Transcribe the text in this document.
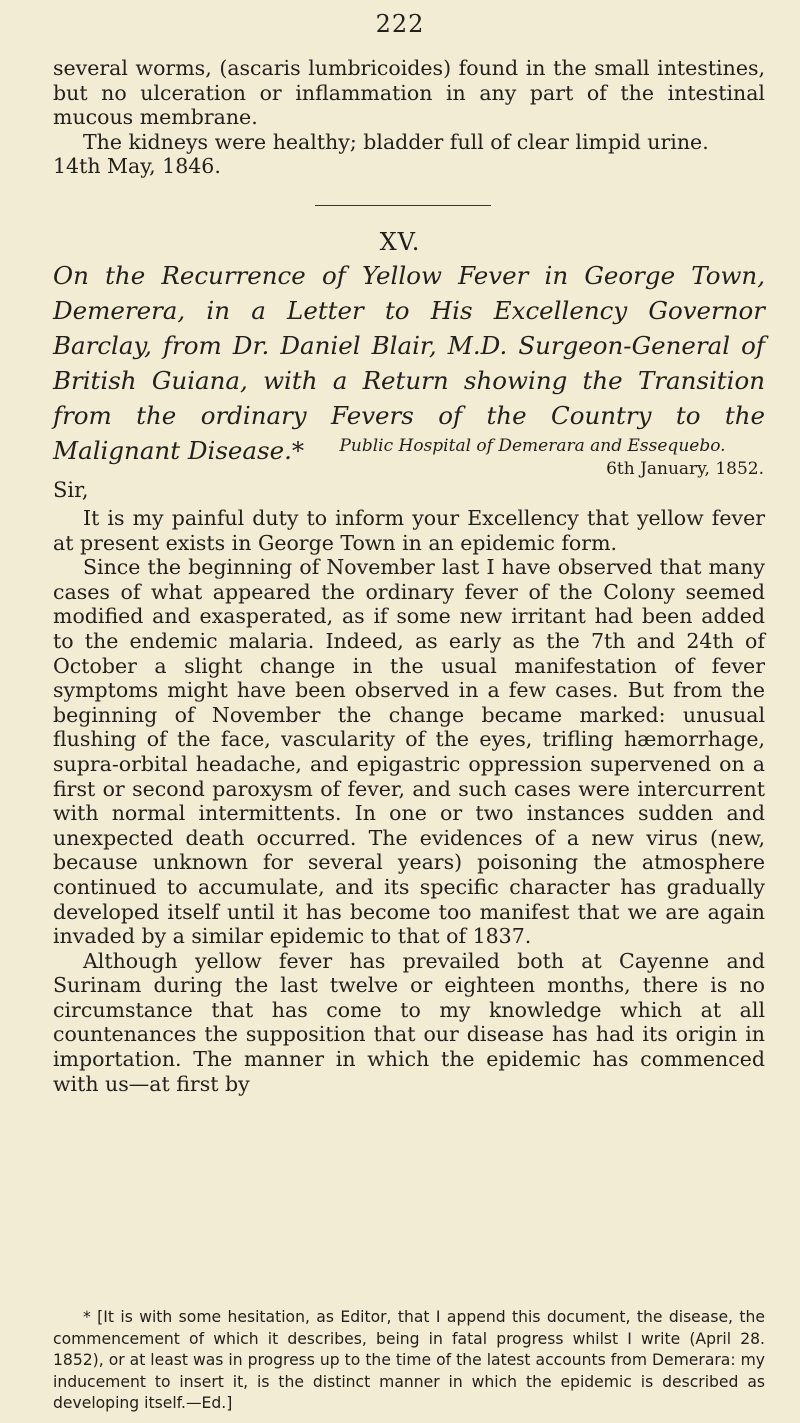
222

several worms, (ascaris lumbricoides) found in the small intestines, but no ulceration or inflammation in any part of the intestinal mucous membrane.

The kidneys were healthy; bladder full of clear limpid urine.

14th May, 1846.

XV.
On the Recurrence of Yellow Fever in George Town, Demerera, in a Letter to His Excellency Governor Barclay, from Dr. Daniel Blair, M.D. Surgeon-General of British Guiana, with a Return showing the Transition from the ordinary Fevers of the Country to the Malignant Disease.*	Public Hospital of Demerara and Essequebo.
6th January, 1852.
Sir,

It is my painful duty to inform your Excellency that yellow fever at present exists in George Town in an epidemic form.

Since the beginning of November last I have observed that many cases of what appeared the ordinary fever of the Colony seemed modified and exasperated, as if some new irritant had been added to the endemic malaria. Indeed, as early as the 7th and 24th of October a slight change in the usual manifestation of fever symptoms might have been observed in a few cases. But from the beginning of November the change became marked: unusual flushing of the face, vascularity of the eyes, trifling hæmorrhage, supra-orbital headache, and epigastric oppression supervened on a first or second paroxysm of fever, and such cases were intercurrent with normal intermittents. In one or two instances sudden and unexpected death occurred. The evidences of a new virus (new, because unknown for several years) poisoning the atmosphere continued to accumulate, and its specific character has gradually developed itself until it has become too manifest that we are again invaded by a similar epidemic to that of 1837.

Although yellow fever has prevailed both at Cayenne and Surinam during the last twelve or eighteen months, there is no circumstance that has come to my knowledge which at all countenances the supposition that our disease has had its origin in importation. The manner in which the epidemic has commenced with us—at first by

* [It is with some hesitation, as Editor, that I append this document, the disease, the commencement of which it describes, being in fatal progress whilst I write (April 28. 1852), or at least was in progress up to the time of the latest accounts from Demerara: my inducement to insert it, is the distinct manner in which the epidemic is described as developing itself.—Ed.]
